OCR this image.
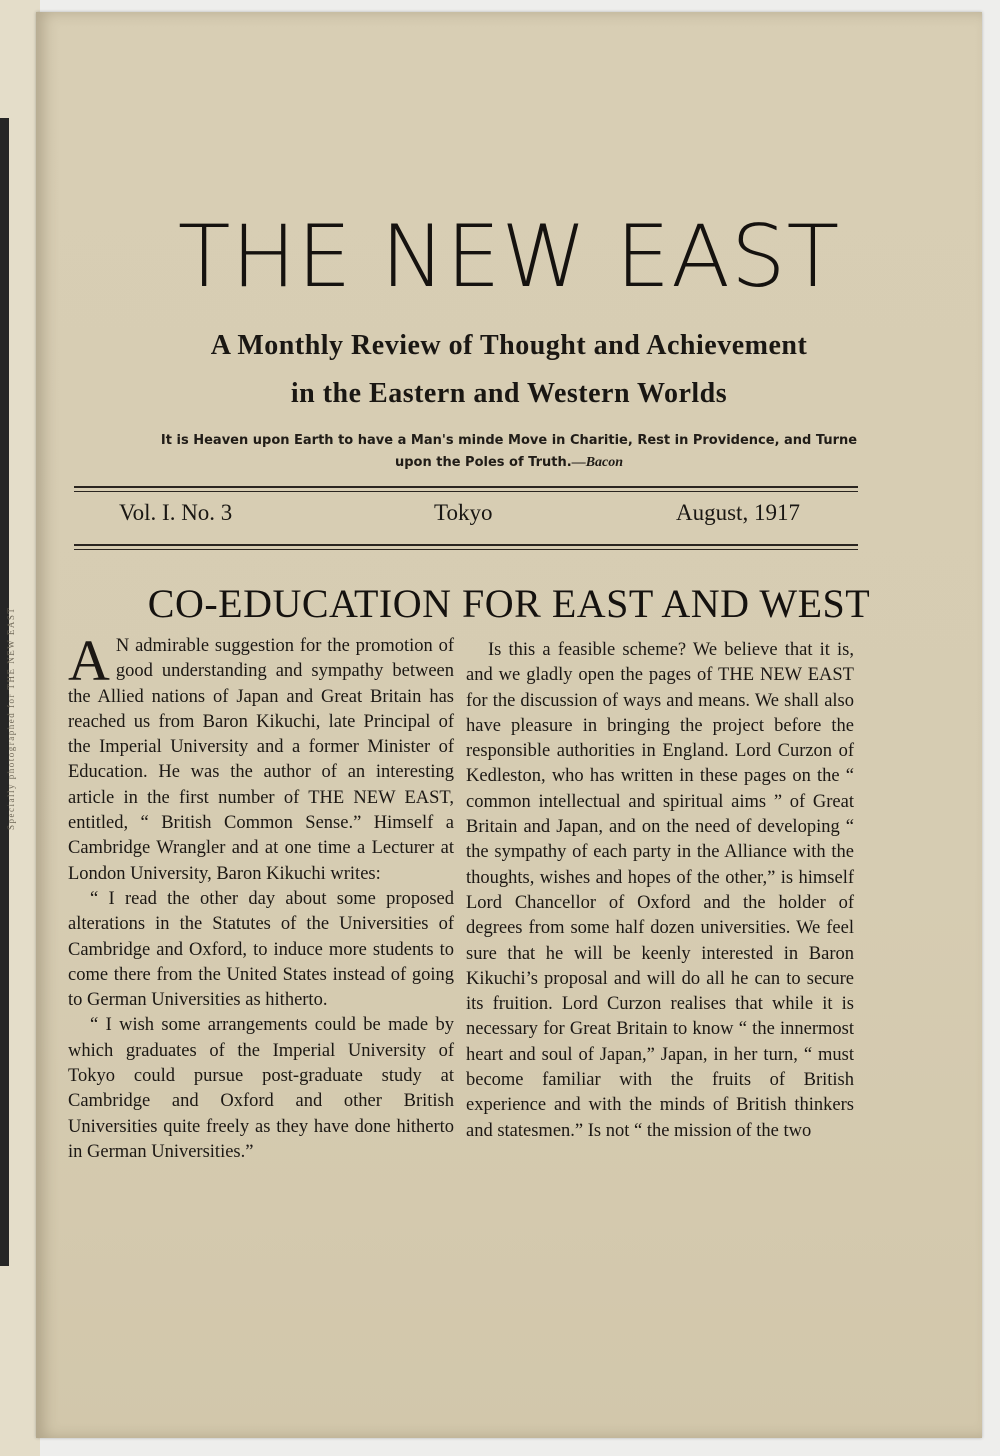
Specially photographed for THE NEW EAST
THE NEW EAST
A Monthly Review of Thought and Achievement
in the Eastern and Western Worlds
It is Heaven upon Earth to have a Man's minde Move in Charitie, Rest in Providence, and Turne upon the Poles of Truth.—Bacon
Vol. I. No. 3	Tokyo	August, 1917
CO-EDUCATION FOR EAST AND WEST

A N admirable suggestion for the promotion of good understanding and sympathy between the Allied nations of Japan and Great Britain has reached us from Baron Kikuchi, late Principal of the Imperial University and a former Minister of Education. He was the author of an interesting article in the first number of THE NEW EAST, entitled, “ British Common Sense.” Himself a Cambridge Wrangler and at one time a Lecturer at London University, Baron Kikuchi writes:

“ I read the other day about some proposed alterations in the Statutes of the Universities of Cambridge and Oxford, to induce more students to come there from the United States instead of going to German Universities as hitherto.

“ I wish some arrangements could be made by which graduates of the Imperial University of Tokyo could pursue post-graduate study at Cambridge and Oxford and other British Universities quite freely as they have done hitherto in German Universities.”

Is this a feasible scheme? We believe that it is, and we gladly open the pages of THE NEW EAST for the discussion of ways and means. We shall also have pleasure in bringing the project before the responsible authorities in England. Lord Curzon of Kedleston, who has written in these pages on the “ common intellectual and spiritual aims ” of Great Britain and Japan, and on the need of developing “ the sympathy of each party in the Alliance with the thoughts, wishes and hopes of the other,” is himself Lord Chancellor of Oxford and the holder of degrees from some half dozen universities. We feel sure that he will be keenly interested in Baron Kikuchi’s proposal and will do all he can to secure its fruition. Lord Curzon realises that while it is necessary for Great Britain to know “ the innermost heart and soul of Japan,” Japan, in her turn, “ must become familiar with the fruits of British experience and with the minds of British thinkers and statesmen.” Is not “ the mission of the two
